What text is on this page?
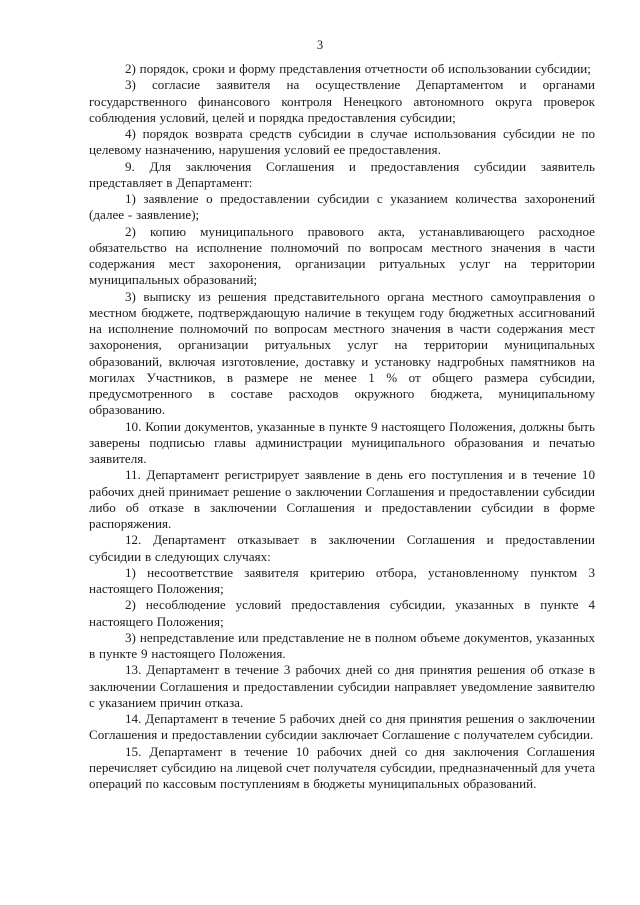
3

2) порядок, сроки и форму представления отчетности об использовании субсидии;

3) согласие заявителя на осуществление Департаментом и органами государственного финансового контроля Ненецкого автономного округа проверок соблюдения условий, целей и порядка предоставления субсидии;

4) порядок возврата средств субсидии в случае использования субсидии не по целевому назначению, нарушения условий ее предоставления.

9. Для заключения Соглашения и предоставления субсидии заявитель представляет в Департамент:

1) заявление о предоставлении субсидии с указанием количества захоронений (далее - заявление);

2) копию муниципального правового акта, устанавливающего расходное обязательство на исполнение полномочий по вопросам местного значения в части содержания мест захоронения, организации ритуальных услуг на территории муниципальных образований;

3) выписку из решения представительного органа местного самоуправления о местном бюджете, подтверждающую наличие в текущем году бюджетных ассигнований на исполнение полномочий по вопросам местного значения в части содержания мест захоронения, организации ритуальных услуг на территории муниципальных образований, включая изготовление, доставку и установку надгробных памятников на могилах Участников, в размере не менее 1 % от общего размера субсидии, предусмотренного в составе расходов окружного бюджета, муниципальному образованию.

10. Копии документов, указанные в пункте 9 настоящего Положения, должны быть заверены подписью главы администрации муниципального образования и печатью заявителя.

11. Департамент регистрирует заявление в день его поступления и в течение 10 рабочих дней принимает решение о заключении Соглашения и предоставлении субсидии либо об отказе в заключении Соглашения и предоставлении субсидии в форме распоряжения.

12. Департамент отказывает в заключении Соглашения и предоставлении субсидии в следующих случаях:

1) несоответствие заявителя критерию отбора, установленному пунктом 3 настоящего Положения;

2) несоблюдение условий предоставления субсидии, указанных в пункте 4 настоящего Положения;

3) непредставление или представление не в полном объеме документов, указанных в пункте 9 настоящего Положения.

13. Департамент в течение 3 рабочих дней со дня принятия решения об отказе в заключении Соглашения и предоставлении субсидии направляет уведомление заявителю с указанием причин отказа.

14. Департамент в течение 5 рабочих дней со дня принятия решения о заключении Соглашения и предоставлении субсидии заключает Соглашение с получателем субсидии.

15. Департамент в течение 10 рабочих дней со дня заключения Соглашения перечисляет субсидию на лицевой счет получателя субсидии, предназначенный для учета операций по кассовым поступлениям в бюджеты муниципальных образований.
